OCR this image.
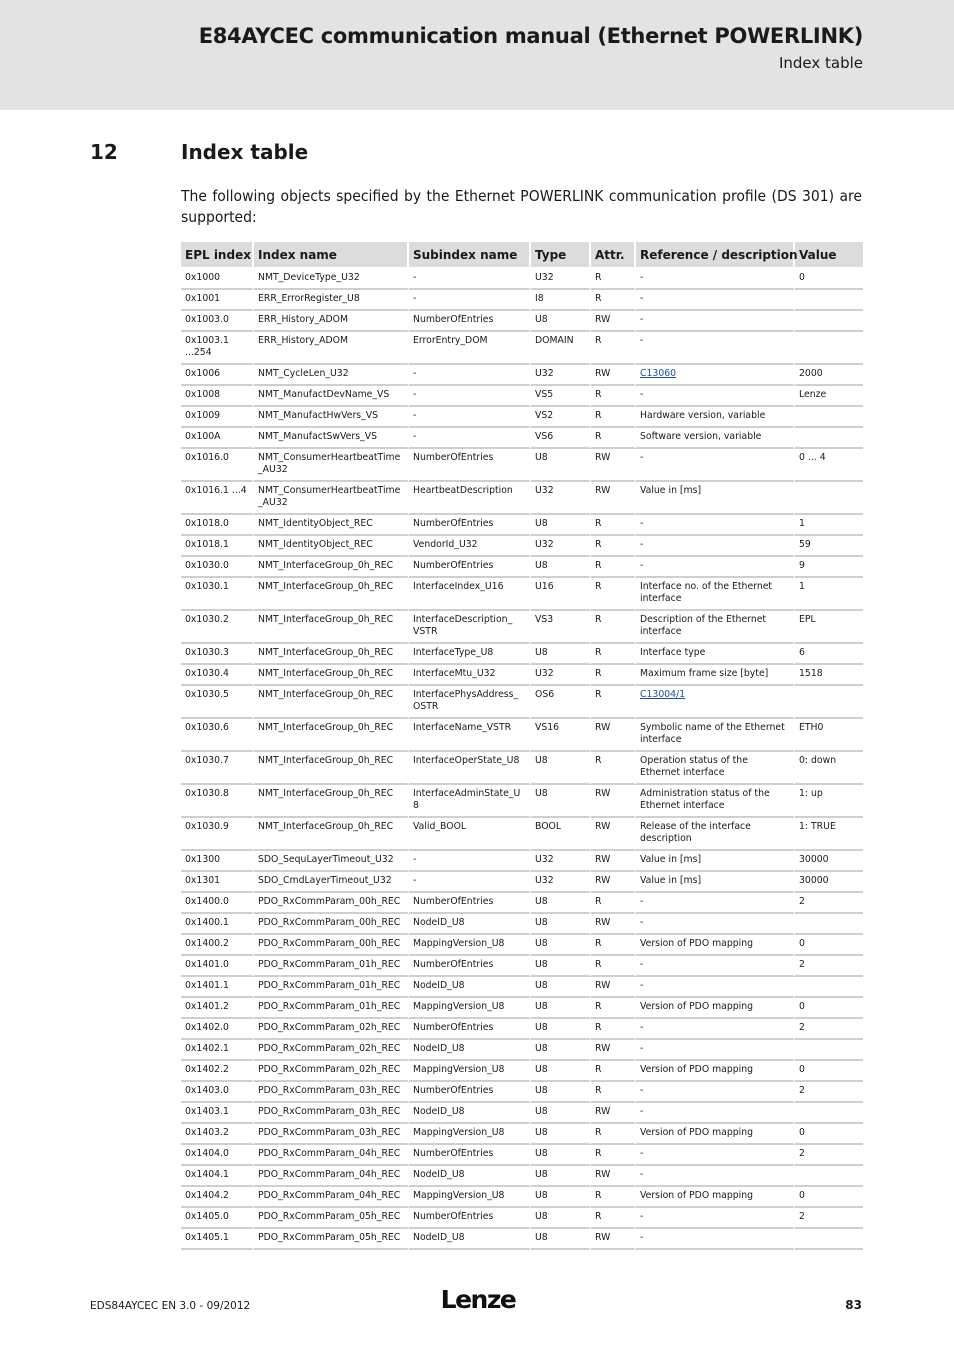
E84AYCEC communication manual (Ethernet POWERLINK)
Index table
12	Index table
The following objects specified by the Ethernet POWERLINK communication profile (DS 301) are supported:
EPL index	Index name	Subindex name	Type	Attr.	Reference / description	Value
0x1000	NMT_DeviceType_U32	-	U32	R	-	0
0x1001	ERR_ErrorRegister_U8	-	I8	R	-	
0x1003.0	ERR_History_ADOM	NumberOfEntries	U8	RW	-	
0x1003.1 ...254	ERR_History_ADOM	ErrorEntry_DOM	DOMAIN	R	-	
0x1006	NMT_CycleLen_U32	-	U32	RW	C13060	2000
0x1008	NMT_ManufactDevName_VS	-	VS5	R	-	Lenze
0x1009	NMT_ManufactHwVers_VS	-	VS2	R	Hardware version, variable	
0x100A	NMT_ManufactSwVers_VS	-	VS6	R	Software version, variable	
0x1016.0	NMT_ConsumerHeartbeatTime_AU32	NumberOfEntries	U8	RW	-	0 ... 4
0x1016.1 ...4	NMT_ConsumerHeartbeatTime_AU32	HeartbeatDescription	U32	RW	Value in [ms]	
0x1018.0	NMT_IdentityObject_REC	NumberOfEntries	U8	R	-	1
0x1018.1	NMT_IdentityObject_REC	VendorId_U32	U32	R	-	59
0x1030.0	NMT_InterfaceGroup_0h_REC	NumberOfEntries	U8	R	-	9
0x1030.1	NMT_InterfaceGroup_0h_REC	InterfaceIndex_U16	U16	R	Interface no. of the Ethernet interface	1
0x1030.2	NMT_InterfaceGroup_0h_REC	InterfaceDescription_ VSTR	VS3	R	Description of the Ethernet interface	EPL
0x1030.3	NMT_InterfaceGroup_0h_REC	InterfaceType_U8	U8	R	Interface type	6
0x1030.4	NMT_InterfaceGroup_0h_REC	InterfaceMtu_U32	U32	R	Maximum frame size [byte]	1518
0x1030.5	NMT_InterfaceGroup_0h_REC	InterfacePhysAddress_ OSTR	OS6	R	C13004/1	
0x1030.6	NMT_InterfaceGroup_0h_REC	InterfaceName_VSTR	VS16	RW	Symbolic name of the Ethernet interface	ETH0
0x1030.7	NMT_InterfaceGroup_0h_REC	InterfaceOperState_U8	U8	R	Operation status of the Ethernet interface	0: down
0x1030.8	NMT_InterfaceGroup_0h_REC	InterfaceAdminState_U8	U8	RW	Administration status of the Ethernet interface	1: up
0x1030.9	NMT_InterfaceGroup_0h_REC	Valid_BOOL	BOOL	RW	Release of the interface description	1: TRUE
0x1300	SDO_SequLayerTimeout_U32	-	U32	RW	Value in [ms]	30000
0x1301	SDO_CmdLayerTimeout_U32	-	U32	RW	Value in [ms]	30000
0x1400.0	PDO_RxCommParam_00h_REC	NumberOfEntries	U8	R	-	2
0x1400.1	PDO_RxCommParam_00h_REC	NodeID_U8	U8	RW	-	
0x1400.2	PDO_RxCommParam_00h_REC	MappingVersion_U8	U8	R	Version of PDO mapping	0
0x1401.0	PDO_RxCommParam_01h_REC	NumberOfEntries	U8	R	-	2
0x1401.1	PDO_RxCommParam_01h_REC	NodeID_U8	U8	RW	-	
0x1401.2	PDO_RxCommParam_01h_REC	MappingVersion_U8	U8	R	Version of PDO mapping	0
0x1402.0	PDO_RxCommParam_02h_REC	NumberOfEntries	U8	R	-	2
0x1402.1	PDO_RxCommParam_02h_REC	NodeID_U8	U8	RW	-	
0x1402.2	PDO_RxCommParam_02h_REC	MappingVersion_U8	U8	R	Version of PDO mapping	0
0x1403.0	PDO_RxCommParam_03h_REC	NumberOfEntries	U8	R	-	2
0x1403.1	PDO_RxCommParam_03h_REC	NodeID_U8	U8	RW	-	
0x1403.2	PDO_RxCommParam_03h_REC	MappingVersion_U8	U8	R	Version of PDO mapping	0
0x1404.0	PDO_RxCommParam_04h_REC	NumberOfEntries	U8	R	-	2
0x1404.1	PDO_RxCommParam_04h_REC	NodeID_U8	U8	RW	-	
0x1404.2	PDO_RxCommParam_04h_REC	MappingVersion_U8	U8	R	Version of PDO mapping	0
0x1405.0	PDO_RxCommParam_05h_REC	NumberOfEntries	U8	R	-	2
0x1405.1	PDO_RxCommParam_05h_REC	NodeID_U8	U8	RW	-	
EDS84AYCEC EN 3.0 - 09/2012	Lenze	83
